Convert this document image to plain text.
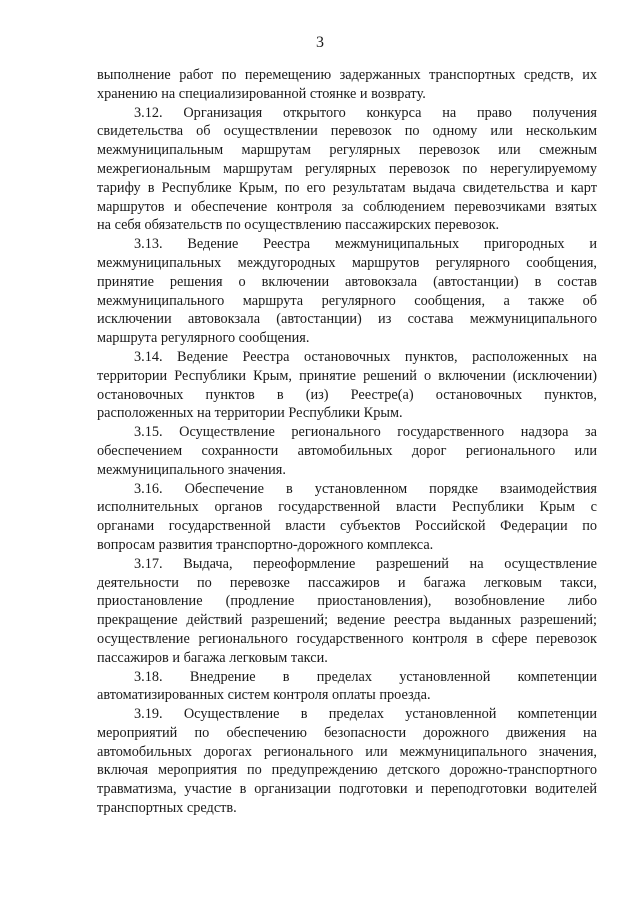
3
выполнение работ по перемещению задержанных транспортных средств, их
хранению на специализированной стоянке и возврату.
3.12. Организация открытого конкурса на право получения
свидетельства об осуществлении перевозок по одному или нескольким
межмуниципальным маршрутам регулярных перевозок или смежным
межрегиональным маршрутам регулярных перевозок по нерегулируемому
тарифу в Республике Крым, по его результатам выдача свидетельства и карт
маршрутов и обеспечение контроля за соблюдением перевозчиками взятых
на себя обязательств по осуществлению пассажирских перевозок.
3.13. Ведение Реестра межмуниципальных пригородных и
межмуниципальных междугородных маршрутов регулярного сообщения,
принятие решения о включении автовокзала (автостанции) в состав
межмуниципального маршрута регулярного сообщения, а также об
исключении автовокзала (автостанции) из состава межмуниципального
маршрута регулярного сообщения.
3.14. Ведение Реестра остановочных пунктов, расположенных на
территории Республики Крым, принятие решений о включении (исключении)
остановочных пунктов в (из) Реестре(а) остановочных пунктов,
расположенных на территории Республики Крым.
3.15. Осуществление регионального государственного надзора за
обеспечением сохранности автомобильных дорог регионального или
межмуниципального значения.
3.16. Обеспечение в установленном порядке взаимодействия
исполнительных органов государственной власти Республики Крым с
органами государственной власти субъектов Российской Федерации по
вопросам развития транспортно-дорожного комплекса.
3.17. Выдача, переоформление разрешений на осуществление
деятельности по перевозке пассажиров и багажа легковым такси,
приостановление (продление приостановления), возобновление либо
прекращение действий разрешений; ведение реестра выданных разрешений;
осуществление регионального государственного контроля в сфере перевозок
пассажиров и багажа легковым такси.
3.18. Внедрение в пределах установленной компетенции
автоматизированных систем контроля оплаты проезда.
3.19. Осуществление в пределах установленной компетенции
мероприятий по обеспечению безопасности дорожного движения на
автомобильных дорогах регионального или межмуниципального значения,
включая мероприятия по предупреждению детского дорожно-транспортного
травматизма, участие в организации подготовки и переподготовки водителей
транспортных средств.
